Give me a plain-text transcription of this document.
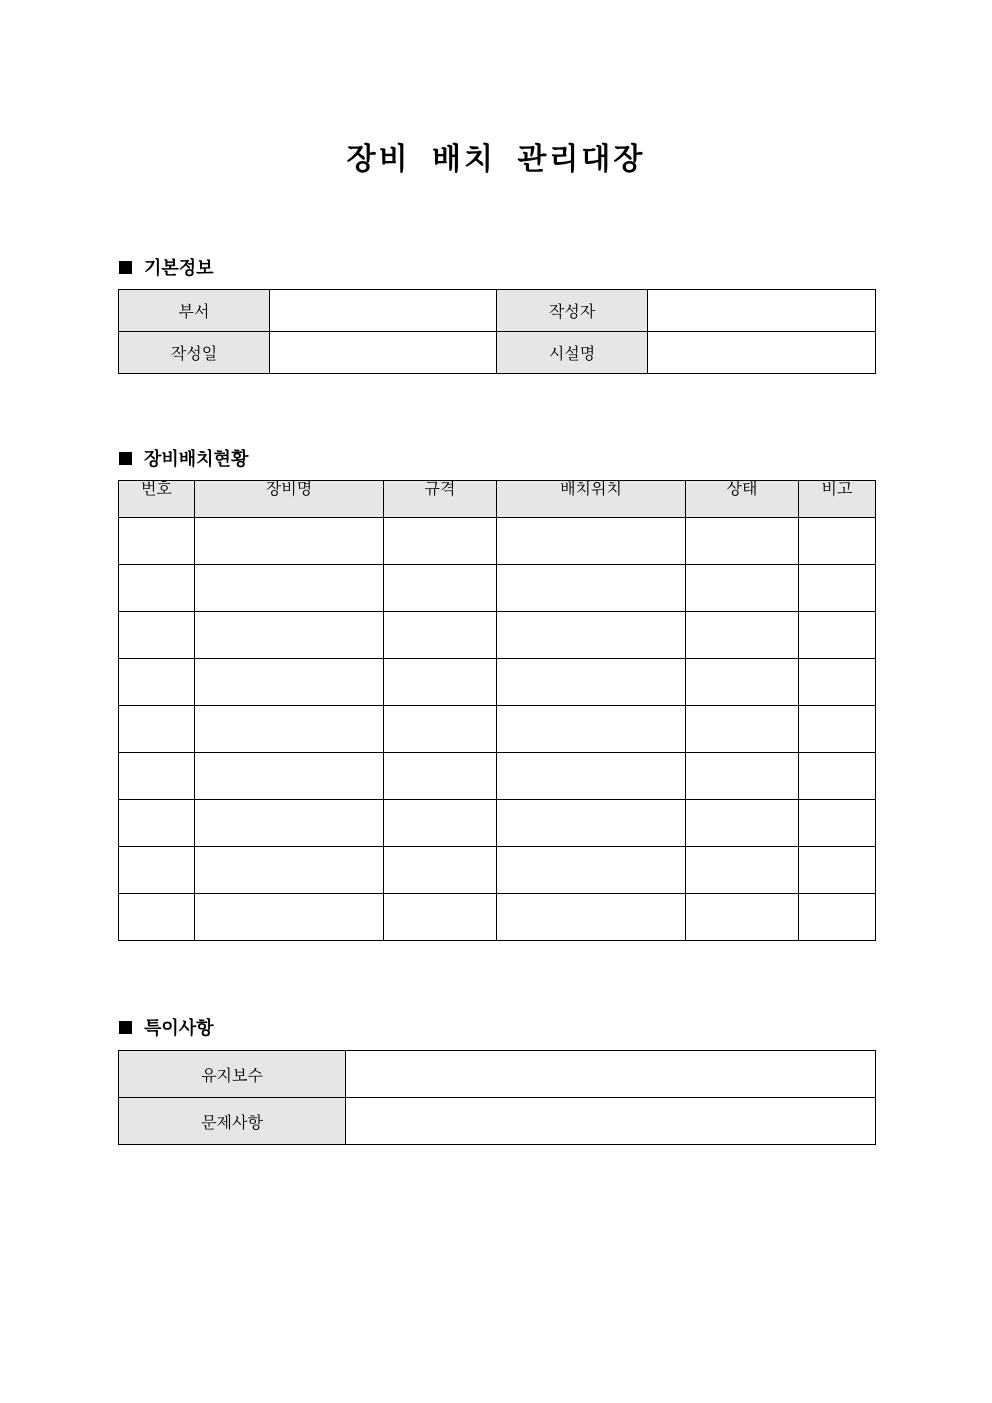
장비 배치 관리대장
기본정보
부서		작성자	
작성일		시설명	
장비배치현황
번호	장비명	규격	배치위치	상태	비고

특이사항
유지보수	
문제사항	
